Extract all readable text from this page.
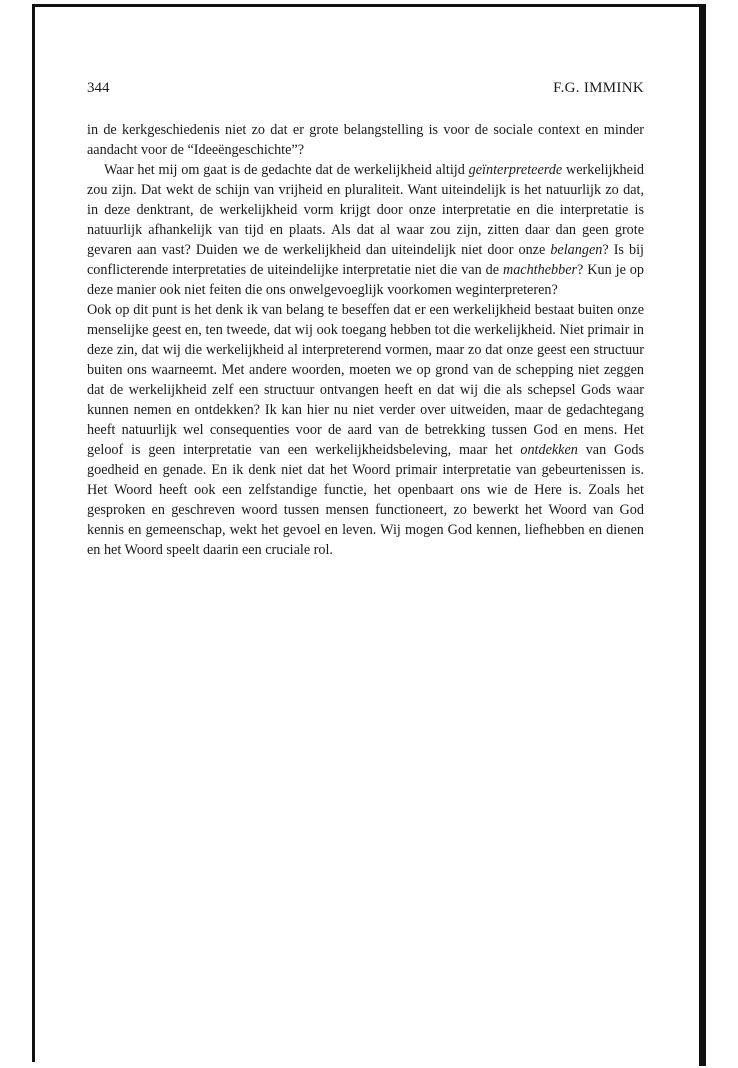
344	F.G. IMMINK

in de kerkgeschiedenis niet zo dat er grote belangstelling is voor de sociale context en minder aandacht voor de “Ideeëngeschichte”?

Waar het mij om gaat is de gedachte dat de werkelijkheid altijd geïnterpreteerde werkelijkheid zou zijn. Dat wekt de schijn van vrijheid en pluraliteit. Want uiteindelijk is het natuurlijk zo dat, in deze denktrant, de werkelijkheid vorm krijgt door onze interpretatie en die interpretatie is natuurlijk afhankelijk van tijd en plaats. Als dat al waar zou zijn, zitten daar dan geen grote gevaren aan vast? Duiden we de werkelijkheid dan uiteindelijk niet door onze belangen? Is bij conflicterende interpretaties de uiteindelijke interpretatie niet die van de machthebber? Kun je op deze manier ook niet feiten die ons onwelgevoeglijk voorkomen weginterpreteren?

Ook op dit punt is het denk ik van belang te beseffen dat er een werkelijkheid bestaat buiten onze menselijke geest en, ten tweede, dat wij ook toegang hebben tot die werkelijkheid. Niet primair in deze zin, dat wij die werkelijkheid al interpreterend vormen, maar zo dat onze geest een structuur buiten ons waarneemt. Met andere woorden, moeten we op grond van de schepping niet zeggen dat de werkelijkheid zelf een structuur ontvangen heeft en dat wij die als schepsel Gods waar kunnen nemen en ontdekken? Ik kan hier nu niet verder over uitweiden, maar de gedachtegang heeft natuurlijk wel consequenties voor de aard van de betrekking tussen God en mens. Het geloof is geen interpretatie van een werkelijkheidsbeleving, maar het ontdekken van Gods goedheid en genade. En ik denk niet dat het Woord primair interpretatie van gebeurtenissen is. Het Woord heeft ook een zelfstandige functie, het openbaart ons wie de Here is. Zoals het gesproken en geschreven woord tussen mensen functioneert, zo bewerkt het Woord van God kennis en gemeenschap, wekt het gevoel en leven. Wij mogen God kennen, liefhebben en dienen en het Woord speelt daarin een cruciale rol.
